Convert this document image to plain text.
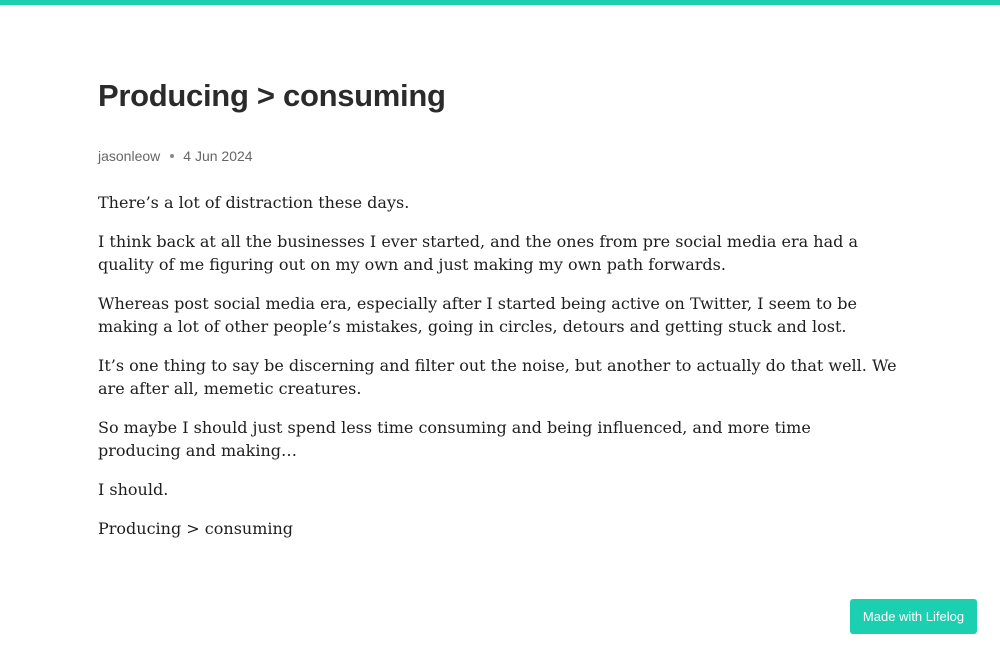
Producing > consuming
jasonleow 4 Jun 2024

There’s a lot of distraction these days.

I think back at all the businesses I ever started, and the ones from pre social media era had a quality of me figuring out on my own and just making my own path forwards.

Whereas post social media era, especially after I started being active on Twitter, I seem to be making a lot of other people’s mistakes, going in circles, detours and getting stuck and lost.

It’s one thing to say be discerning and filter out the noise, but another to actually do that well. We are after all, memetic creatures.

So maybe I should just spend less time consuming and being influenced, and more time producing and making…

I should.

Producing > consuming

Made with Lifelog
